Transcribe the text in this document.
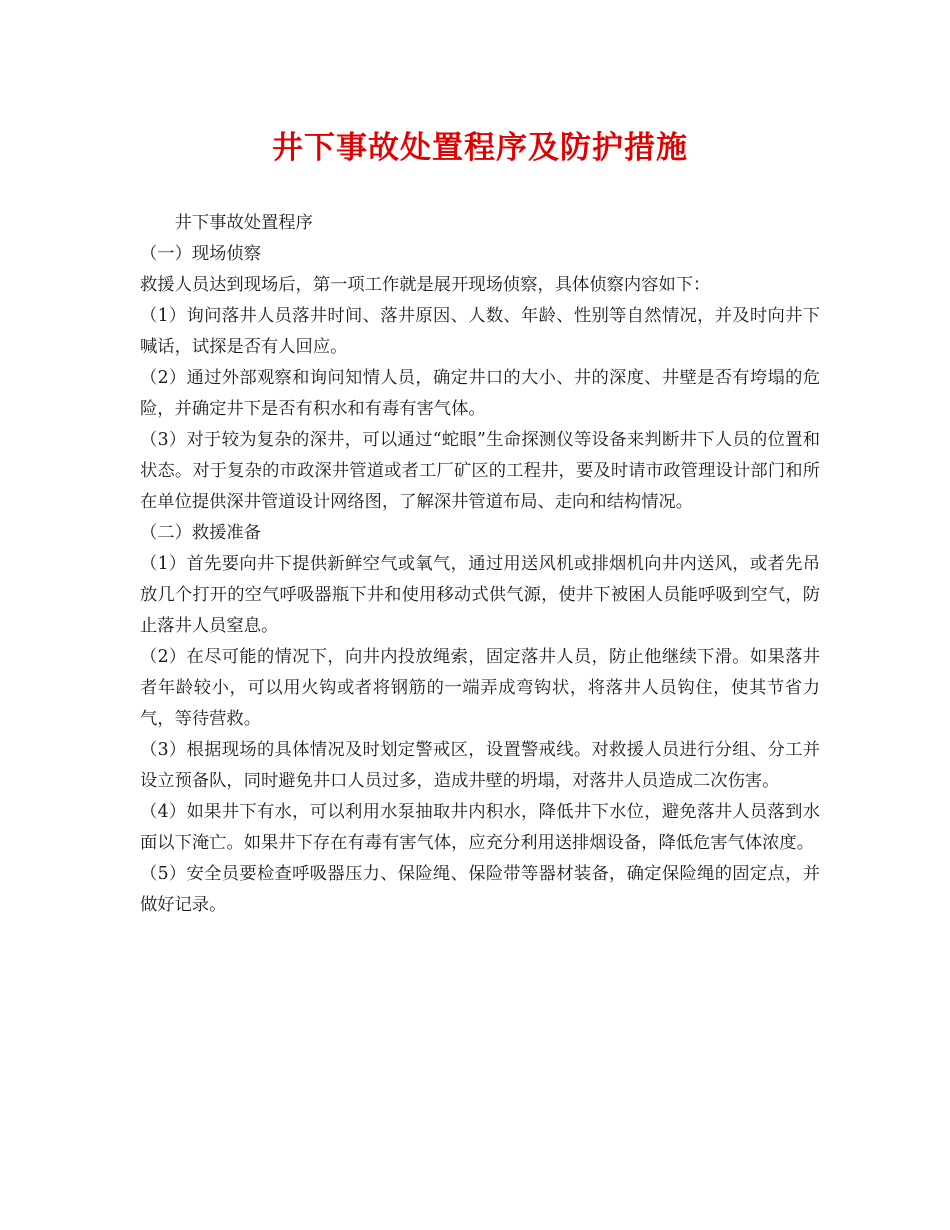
井下事故处置程序及防护措施

井下事故处置程序

（一）现场侦察

救援人员达到现场后，第一项工作就是展开现场侦察，具体侦察内容如下：

（1）询问落井人员落井时间、落井原因、人数、年龄、性别等自然情况，并及时向井下喊话，试探是否有人回应。

（2）通过外部观察和询问知情人员，确定井口的大小、井的深度、井壁是否有垮塌的危险，并确定井下是否有积水和有毒有害气体。

（3）对于较为复杂的深井，可以通过“蛇眼”生命探测仪等设备来判断井下人员的位置和状态。对于复杂的市政深井管道或者工厂矿区的工程井，要及时请市政管理设计部门和所在单位提供深井管道设计网络图，了解深井管道布局、走向和结构情况。

（二）救援准备

（1）首先要向井下提供新鲜空气或氧气，通过用送风机或排烟机向井内送风，或者先吊放几个打开的空气呼吸器瓶下井和使用移动式供气源，使井下被困人员能呼吸到空气，防止落井人员窒息。

（2）在尽可能的情况下，向井内投放绳索，固定落井人员，防止他继续下滑。如果落井者年龄较小，可以用火钩或者将钢筋的一端弄成弯钩状，将落井人员钩住，使其节省力气，等待营救。

（3）根据现场的具体情况及时划定警戒区，设置警戒线。对救援人员进行分组、分工并设立预备队，同时避免井口人员过多，造成井壁的坍塌，对落井人员造成二次伤害。

（4）如果井下有水，可以利用水泵抽取井内积水，降低井下水位，避免落井人员落到水面以下淹亡。如果井下存在有毒有害气体，应充分利用送排烟设备，降低危害气体浓度。

（5）安全员要检查呼吸器压力、保险绳、保险带等器材装备，确定保险绳的固定点，并做好记录。
